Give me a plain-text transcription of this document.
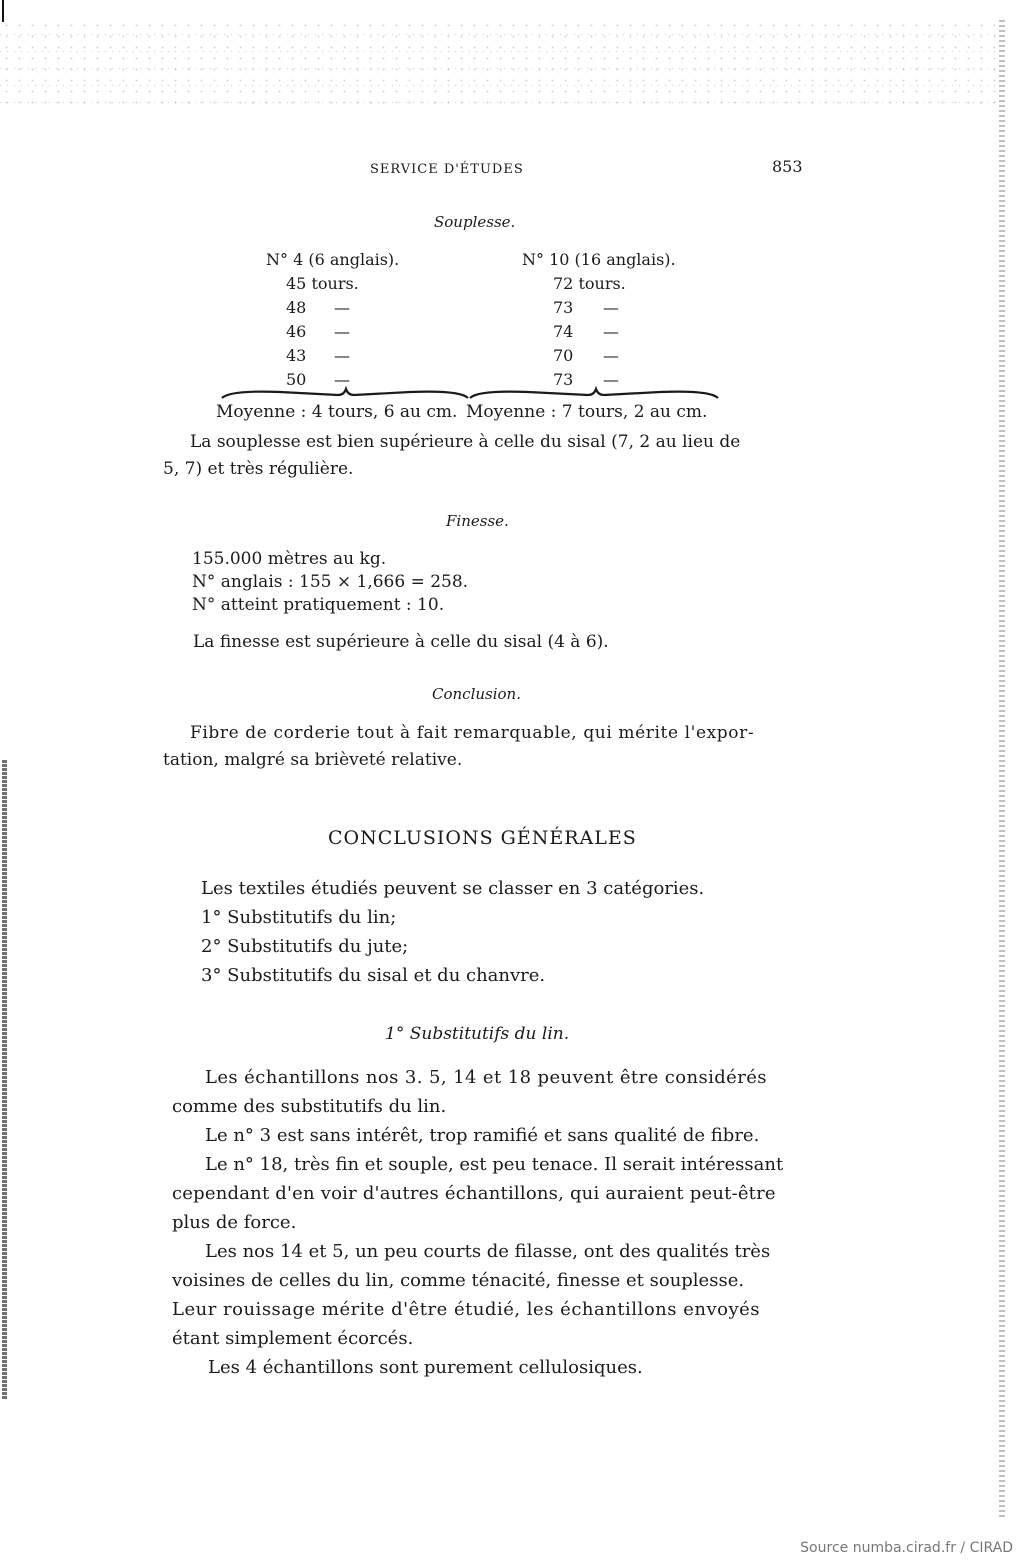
SERVICE D'ÉTUDES	853
Souplesse.
N° 4 (6 anglais).	N° 10 (16 anglais).
45 tours.
48 —
46 —
43 —
50 —
72 tours.
73 —
74 —
70 —
73 —
Moyenne : 4 tours, 6 au cm. Moyenne : 7 tours, 2 au cm.
La souplesse est bien supérieure à celle du sisal (7, 2 au lieu de
5, 7) et très régulière.
Finesse.
155.000 mètres au kg.
N° anglais : 155 × 1,666 = 258.
N° atteint pratiquement : 10.
La finesse est supérieure à celle du sisal (4 à 6).
Conclusion.
Fibre de corderie tout à fait remarquable, qui mérite l'expor-
tation, malgré sa brièveté relative.
CONCLUSIONS GÉNÉRALES
Les textiles étudiés peuvent se classer en 3 catégories.
1° Substitutifs du lin;
2° Substitutifs du jute;
3° Substitutifs du sisal et du chanvre.
1° Substitutifs du lin.
Les échantillons nos 3. 5, 14 et 18 peuvent être considérés
comme des substitutifs du lin.
Le n° 3 est sans intérêt, trop ramifié et sans qualité de fibre.
Le n° 18, très fin et souple, est peu tenace. Il serait intéressant
cependant d'en voir d'autres échantillons, qui auraient peut-être
plus de force.
Les nos 14 et 5, un peu courts de filasse, ont des qualités très
voisines de celles du lin, comme ténacité, finesse et souplesse.
Leur rouissage mérite d'être étudié, les échantillons envoyés
étant simplement écorcés.
Les 4 échantillons sont purement cellulosiques.
Source numba.cirad.fr / CIRAD
